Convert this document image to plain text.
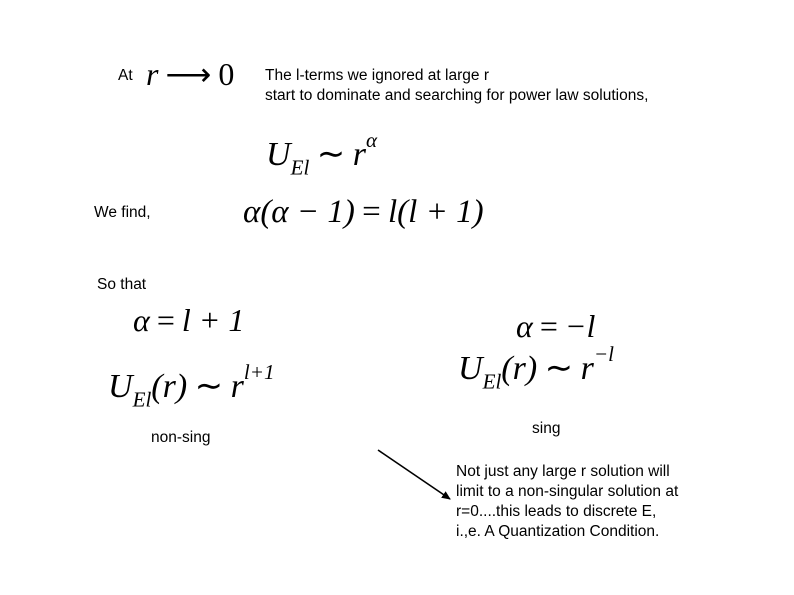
At r ⟶ 0 The l-terms we ignored at large r
start to dominate and searching for power law solutions,
$U_{El}$ ∼ $r^\alpha$
We find,	α(α − 1) = l(l + 1)
So that
α = l + 1
$U_{El}(r)$ ∼ $r^{l+1}$
α = −l
$U_{El}(r)$ ∼ $r^{-l}$
non-sing
sing
Not just any large r solution will
limit to a non-singular solution at
r=0....this leads to discrete E,
i.,e. A Quantization Condition.
